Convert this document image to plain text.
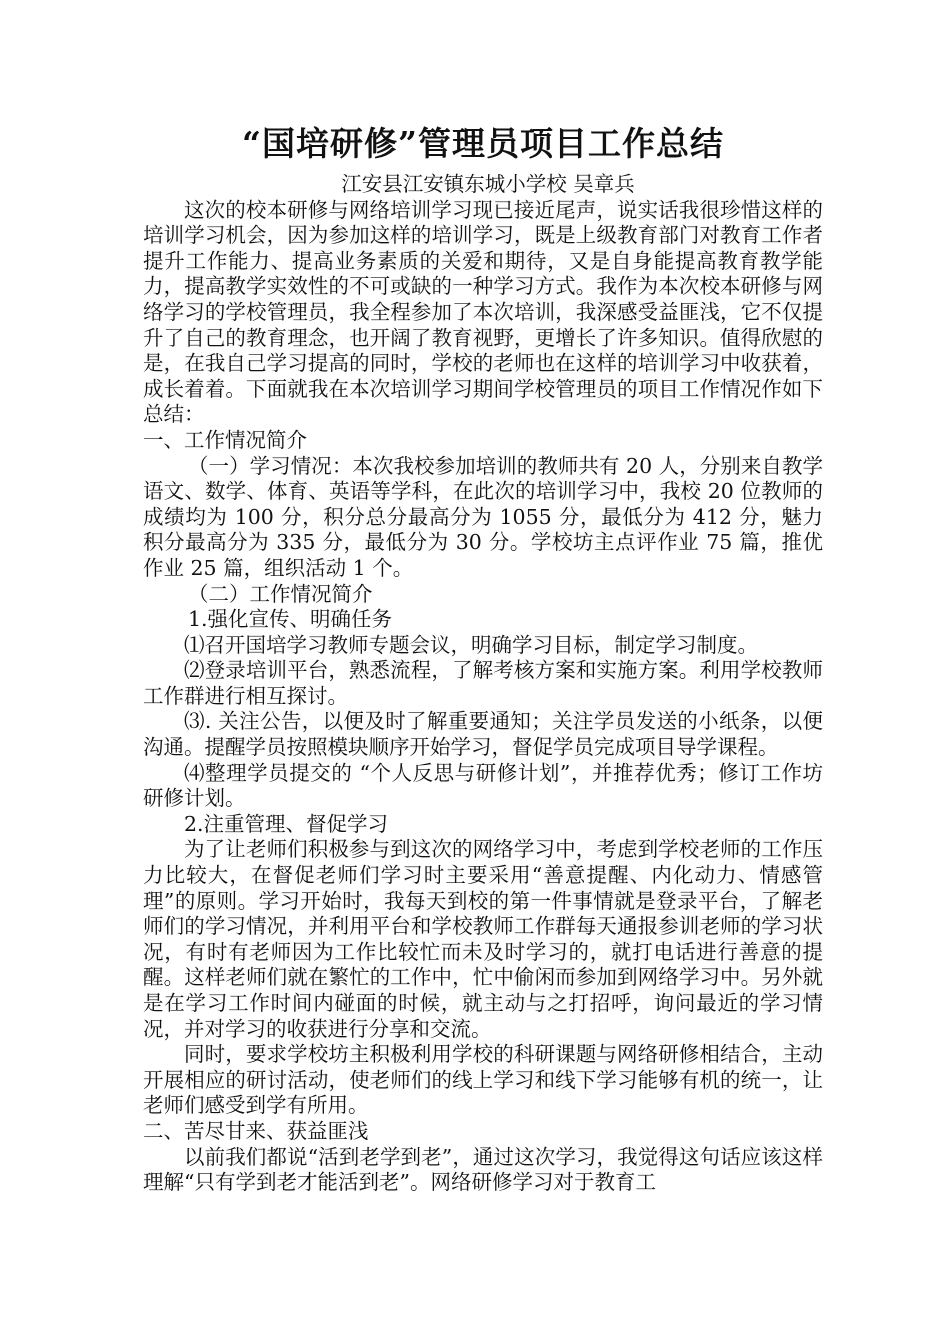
“国培研修”管理员项目工作总结

江安县江安镇东城小学校 吴章兵

这次的校本研修与网络培训学习现已接近尾声，说实话我很珍惜这样的培训学习机会，因为参加这样的培训学习，既是上级教育部门对教育工作者提升工作能力、提高业务素质的关爱和期待，又是自身能提高教育教学能力，提高教学实效性的不可或缺的一种学习方式。我作为本次校本研修与网络学习的学校管理员，我全程参加了本次培训，我深感受益匪浅，它不仅提升了自己的教育理念，也开阔了教育视野，更增长了许多知识。值得欣慰的是，在我自己学习提高的同时，学校的老师也在这样的培训学习中收获着，成长着着。下面就我在本次培训学习期间学校管理员的项目工作情况作如下总结：

一、工作情况简介

（一）学习情况：本次我校参加培训的教师共有 20 人，分别来自教学语文、数学、体育、英语等学科，在此次的培训学习中，我校 20 位教师的成绩均为 100 分，积分总分最高分为 1055 分，最低分为 412 分，魅力积分最高分为 335 分，最低分为 30 分。学校坊主点评作业 75 篇，推优作业 25 篇，组织活动 1 个。

（二）工作情况简介

1.强化宣传、明确任务

⑴召开国培学习教师专题会议，明确学习目标，制定学习制度。

⑵登录培训平台，熟悉流程，了解考核方案和实施方案。利用学校教师工作群进行相互探讨。

⑶. 关注公告，以便及时了解重要通知；关注学员发送的小纸条，以便沟通。提醒学员按照模块顺序开始学习，督促学员完成项目导学课程。

⑷整理学员提交的 “个人反思与研修计划”，并推荐优秀；修订工作坊研修计划。

2.注重管理、督促学习

为了让老师们积极参与到这次的网络学习中，考虑到学校老师的工作压力比较大，在督促老师们学习时主要采用“善意提醒、内化动力、情感管理”的原则。学习开始时，我每天到校的第一件事情就是登录平台，了解老师们的学习情况，并利用平台和学校教师工作群每天通报参训老师的学习状况，有时有老师因为工作比较忙而未及时学习的，就打电话进行善意的提醒。这样老师们就在繁忙的工作中，忙中偷闲而参加到网络学习中。另外就是在学习工作时间内碰面的时候，就主动与之打招呼，询问最近的学习情况，并对学习的收获进行分享和交流。

同时，要求学校坊主积极利用学校的科研课题与网络研修相结合，主动开展相应的研讨活动，使老师们的线上学习和线下学习能够有机的统一，让老师们感受到学有所用。

二、苦尽甘来、获益匪浅

以前我们都说“活到老学到老”，通过这次学习，我觉得这句话应该这样理解“只有学到老才能活到老”。网络研修学习对于教育工
